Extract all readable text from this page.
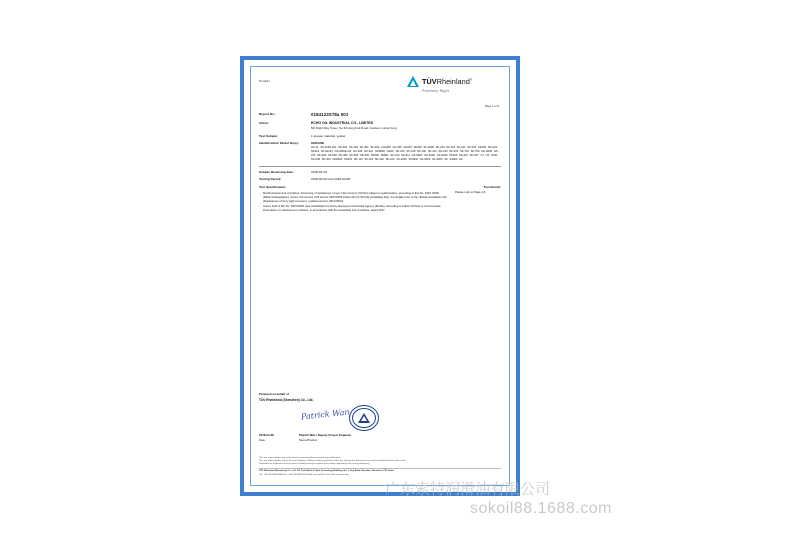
Produkt	TÜVRheinland®
Precisely Right.
Page 1 of 9
Report No.:	0184123S78a 001
Client:	ECHO OIL INDUSTRIAL CO., LIMITED
5/F Right Way Tower, No.33 Hong Kok Road, Kowloon, Hong Kong
Test Sample:	1 grease material, yellow
Identification/ Model No(s):	GREASE
GK-11 SK-016S-201 SK-202 SK-203 SK-301 SK-302 CHAMP CH-300 SG215 SK230 SK-2000 SK-210 SK-115 SK-011 SK-015 SK400 SK-H01 SK210 SK-001F1 GK-205LH-02 GK-208 GK-321 GK6800 GK2C SK-103 SK-218 SK-100 SK-101 SK-210 SK-315 SK-701 SK-706 GK-3000 GK-370 SK-020 SK-530 SK-360 SK-505 SK-235 SK800 SK801 SK-310 SK-311 GK-9000 GK-9100 GK-9200 SK225 SK-021 SK-047 C1 US SK21 SK-048 SK-003 GK8020 SK301 SK-113 SK-119 SK-310 SK-100 SK-2200 SK3002 SK-3003 SK-3004 SK S3000 H0
Sample Receiving date:	2018-03-26
Testing Period:	2018-03-26 until 2018-04-08
Test Specification:	Test Result:
-	RoHS Assessment of Articles: Screening of substances of very high concern (SVHC) subject to authorisation, according to EU-No. 1907 /2006 (REACH-Regulation), Annex XIV (Annex XVII and its 1907/2006 Article 59 (1)/ 59 (10) (candidate list)). For details refer to the "ECHA Candidate List" (Substances of Very High Concern), updated version 2017/06/19.
-	Annex XVII of EC-No. 1907/2006 (test candidates) for list by European Chemicals Agency (ECHA), according to Article 33 Duty to communicate information on substances in articles, in accordance with the Candidate List of Articles, dated 2017.
Please refer to Page 2-9
Prepared on behalf of
TÜV Rheinland (Shenzhen) Co., Ltd.
Patrick Wan
2018-04-08	Patrick Wan / Deputy Project Engineer
Date	Name/Position
This test report relates only to the item(s) tested and does not imply any certification.
This test report applies only to the test sample(s). Without written permission of the test institute this document may not be reproduced other than in full.
Publication or duplication of test results including excerpts requires prior written approval by the issuing laboratory.
TÜV Rheinland (Shenzhen) Co., Ltd. 3/F, Tech Block 2, East Technology Building, No. 1, Keji Road, Nanshan, Shenzhen, P.R. China
Tel.: +86-755-8828 0888 Fax: +86-755-8828 0000 Mail: service@tuv.com Web: www.tuv.com
广东索特润滑油有限公司
sokoil88.1688.com
